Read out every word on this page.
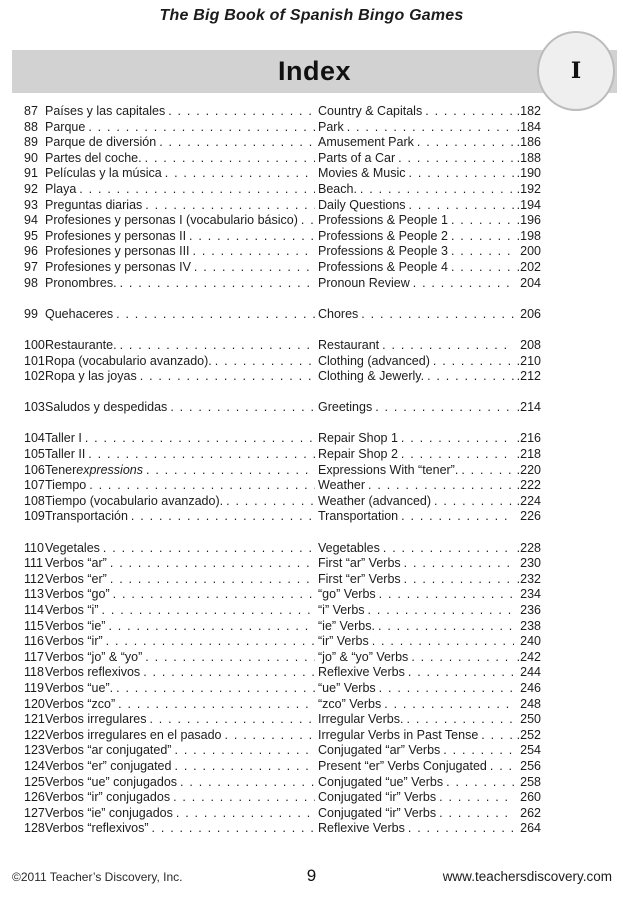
The Big Book of Spanish Bingo Games
Index	I
87 Países y las capitales . . .	Country & Capitals . . .	.182
88 Parque . . .	Park . . .	.184
89 Parque de diversión . . .	Amusement Park . . .	.186
90 Partes del coche. . . .	Parts of a Car . . .	.188
91 Películas y la música . . .	Movies & Music . . .	.190
92 Playa . . .	Beach. . . .	.192
93 Preguntas diarias . . .	Daily Questions . . .	.194
94 Profesiones y personas I (vocabulario básico) . . . Professions & People 1 . . .	.196
95 Profesiones y personas II . . .	Professions & People 2 . . .	.198
96 Profesiones y personas III . . .	Professions & People 3 . . .	200
97 Profesiones y personas IV . . .	Professions & People 4 . . .	.202
98 Pronombres. . . .	Pronoun Review . . .	204
99 Quehaceres . . .	Chores . . .	206
100 Restaurante. . . .	Restaurant . . .	208
101 Ropa (vocabulario avanzado). . . .	Clothing (advanced) . . .	.210
102 Ropa y las joyas . . .	Clothing & Jewerly. . . .	.212
103 Saludos y despedidas . . .	Greetings . . .	.214
104 Taller I . . .	Repair Shop 1 . . .	.216
105 Taller II . . .	Repair Shop 2 . . .	.218
106 Tener expressions . . .	Expressions With “tener”. . . .	.220
107 Tiempo . . .	Weather . . .	.222
108 Tiempo (vocabulario avanzado). . . .	Weather (advanced) . . .	.224
109 Transportación . . .	Transportation . . .	226
110 Vegetales . . .	Vegetables . . .	.228
111 Verbos “ar” . . .	First “ar” Verbs . . .	230
112 Verbos “er” . . .	First “er” Verbs . . .	.232
113 Verbos “go” . . .	“go” Verbs . . .	234
114 Verbos “i” . . .	“i” Verbs . . .	236
115 Verbos “ie” . . .	“ie” Verbs. . . .	238
116 Verbos “ir” . . .	“ir” Verbs . . .	240
117 Verbos “jo” & “yo” . . .	“jo” & “yo” Verbs . . .	.242
118 Verbos reflexivos . . .	Reflexive Verbs . . .	244
119 Verbos “ue”. . . .	“ue” Verbs . . .	246
120 Verbos “zco” . . .	“zco” Verbs . . .	248
121 Verbos irregulares . . .	Irregular Verbs. . . .	250
122 Verbos irregulares en el pasado . . .	Irregular Verbs in Past Tense . . .	.252
123 Verbos “ar conjugated” . . .	Conjugated “ar” Verbs . . .	254
124 Verbos “er” conjugated . . .	Present “er” Verbs Conjugated . . .	256
125 Verbos “ue” conjugados . . .	Conjugated “ue” Verbs . . .	258
126 Verbos “ir” conjugados . . .	Conjugated “ir” Verbs . . .	260
127 Verbos “ie” conjugados . . .	Conjugated “ir” Verbs . . .	262
128 Verbos “reflexivos” . . .	Reflexive Verbs . . .	264
©2011 Teacher’s Discovery, Inc.	www.teachersdiscovery.com
9
